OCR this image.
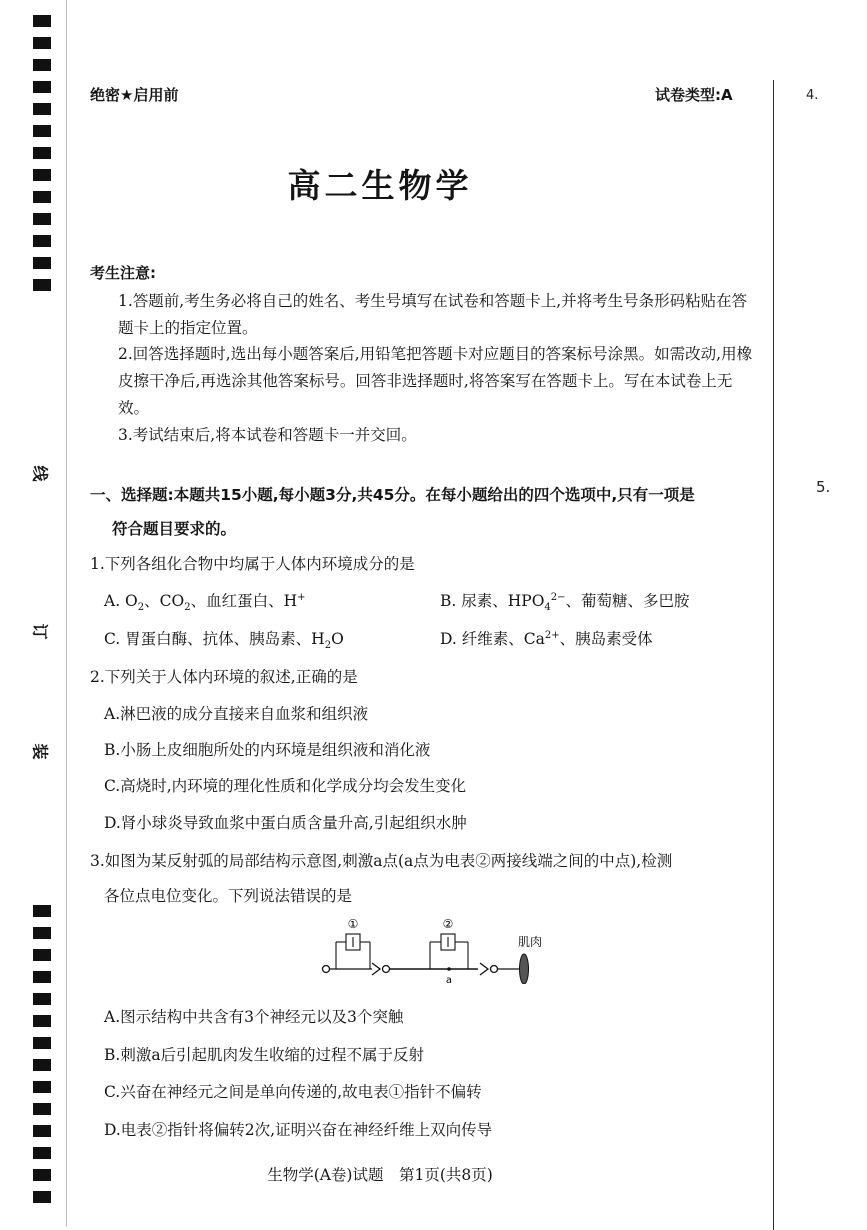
线
订
装
绝密★启用前	试卷类型:A	4.
5.
高二生物学
考生注意:
1.答题前,考生务必将自己的姓名、考生号填写在试卷和答题卡上,并将考生号条形码粘贴在答题卡上的指定位置。
2.回答选择题时,选出每小题答案后,用铅笔把答题卡对应题目的答案标号涂黑。如需改动,用橡皮擦干净后,再选涂其他答案标号。回答非选择题时,将答案写在答题卡上。写在本试卷上无效。
3.考试结束后,将本试卷和答题卡一并交回。
一、选择题:本题共15小题,每小题3分,共45分。在每小题给出的四个选项中,只有一项是
符合题目要求的。
1.下列各组化合物中均属于人体内环境成分的是
A. $O_2$、$CO_2$、血红蛋白、H+	B. 尿素、$HPO_4^{2-}$、葡萄糖、多巴胺
C. 胃蛋白酶、抗体、胰岛素、$H_2O$	D. 纤维素、$Ca^{2+}$、胰岛素受体
2.下列关于人体内环境的叙述,正确的是
A.淋巴液的成分直接来自血浆和组织液
B.小肠上皮细胞所处的内环境是组织液和消化液
C.高烧时,内环境的理化性质和化学成分均会发生变化
D.肾小球炎导致血浆中蛋白质含量升高,引起组织水肿
3.如图为某反射弧的局部结构示意图,刺激a点(a点为电表②两接线端之间的中点),检测
各位点电位变化。下列说法错误的是
①	②
a
肌肉
A.图示结构中共含有3个神经元以及3个突触
B.刺激a后引起肌肉发生收缩的过程不属于反射
C.兴奋在神经元之间是单向传递的,故电表①指针不偏转
D.电表②指针将偏转2次,证明兴奋在神经纤维上双向传导
生物学(A卷)试题　第1页(共8页)
